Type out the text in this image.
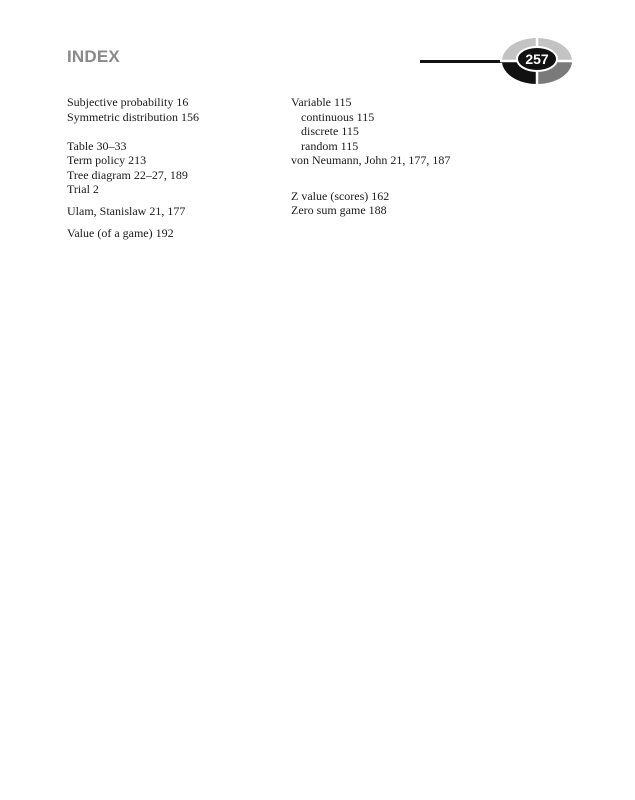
INDEX	257
Subjective probability 16
Symmetric distribution 156
Table 30–33
Term policy 213
Tree diagram 22–27, 189
Trial 2
Ulam, Stanislaw 21, 177
Value (of a game) 192
Variable 115
continuous 115
discrete 115
random 115
von Neumann, John 21, 177, 187
Z value (scores) 162
Zero sum game 188
